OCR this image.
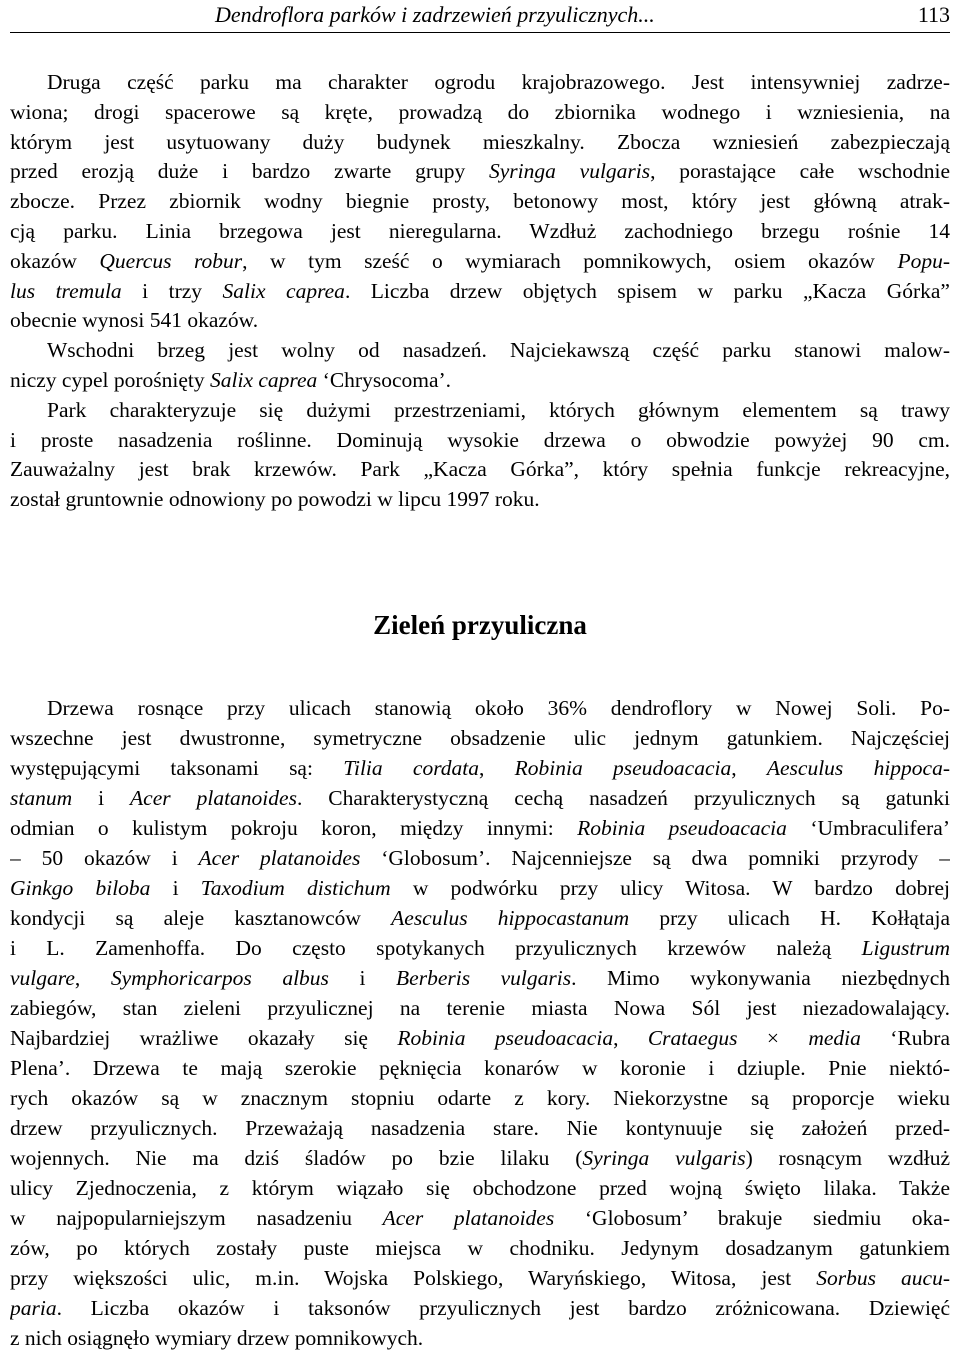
Dendroflora parków i zadrzewień przyulicznych...	113
Druga część parku ma charakter ogrodu krajobrazowego. Jest intensywniej zadrze-
wiona; drogi spacerowe są kręte, prowadzą do zbiornika wodnego i wzniesienia, na
którym jest usytuowany duży budynek mieszkalny. Zbocza wzniesień zabezpieczają
przed erozją duże i bardzo zwarte grupy Syringa vulgaris, porastające całe wschodnie
zbocze. Przez zbiornik wodny biegnie prosty, betonowy most, który jest główną atrak-
cją parku. Linia brzegowa jest nieregularna. Wzdłuż zachodniego brzegu rośnie 14
okazów Quercus robur, w tym sześć o wymiarach pomnikowych, osiem okazów Popu-
lus tremula i trzy Salix caprea. Liczba drzew objętych spisem w parku „Kacza Górka”
obecnie wynosi 541 okazów.
Wschodni brzeg jest wolny od nasadzeń. Najciekawszą część parku stanowi malow-
niczy cypel porośnięty Salix caprea ‘Chrysocoma’.
Park charakteryzuje się dużymi przestrzeniami, których głównym elementem są trawy
i proste nasadzenia roślinne. Dominują wysokie drzewa o obwodzie powyżej 90 cm.
Zauważalny jest brak krzewów. Park „Kacza Górka”, który spełnia funkcje rekreacyjne,
został gruntownie odnowiony po powodzi w lipcu 1997 roku.
Zieleń przyuliczna
Drzewa rosnące przy ulicach stanowią około 36% dendroflory w Nowej Soli. Po-
wszechne jest dwustronne, symetryczne obsadzenie ulic jednym gatunkiem. Najczęściej
występującymi taksonami są: Tilia cordata, Robinia pseudoacacia, Aesculus hippoca-
stanum i Acer platanoides. Charakterystyczną cechą nasadzeń przyulicznych są gatunki
odmian o kulistym pokroju koron, między innymi: Robinia pseudoacacia ‘Umbraculifera’
– 50 okazów i Acer platanoides ‘Globosum’. Najcenniejsze są dwa pomniki przyrody –
Ginkgo biloba i Taxodium distichum w podwórku przy ulicy Witosa. W bardzo dobrej
kondycji są aleje kasztanowców Aesculus hippocastanum przy ulicach H. Kołłątaja
i L. Zamenhoffa. Do często spotykanych przyulicznych krzewów należą Ligustrum
vulgare, Symphoricarpos albus i Berberis vulgaris. Mimo wykonywania niezbędnych
zabiegów, stan zieleni przyulicznej na terenie miasta Nowa Sól jest niezadowalający.
Najbardziej wrażliwe okazały się Robinia pseudoacacia, Crataegus × media ‘Rubra
Plena’. Drzewa te mają szerokie pęknięcia konarów w koronie i dziuple. Pnie niektó-
rych okazów są w znacznym stopniu odarte z kory. Niekorzystne są proporcje wieku
drzew przyulicznych. Przeważają nasadzenia stare. Nie kontynuuje się założeń przed-
wojennych. Nie ma dziś śladów po bzie lilaku (Syringa vulgaris) rosnącym wzdłuż
ulicy Zjednoczenia, z którym wiązało się obchodzone przed wojną święto lilaka. Także
w najpopularniejszym nasadzeniu Acer platanoides ‘Globosum’ brakuje siedmiu oka-
zów, po których zostały puste miejsca w chodniku. Jedynym dosadzanym gatunkiem
przy większości ulic, m.in. Wojska Polskiego, Waryńskiego, Witosa, jest Sorbus aucu-
paria. Liczba okazów i taksonów przyulicznych jest bardzo zróżnicowana. Dziewięć
z nich osiągnęło wymiary drzew pomnikowych.
